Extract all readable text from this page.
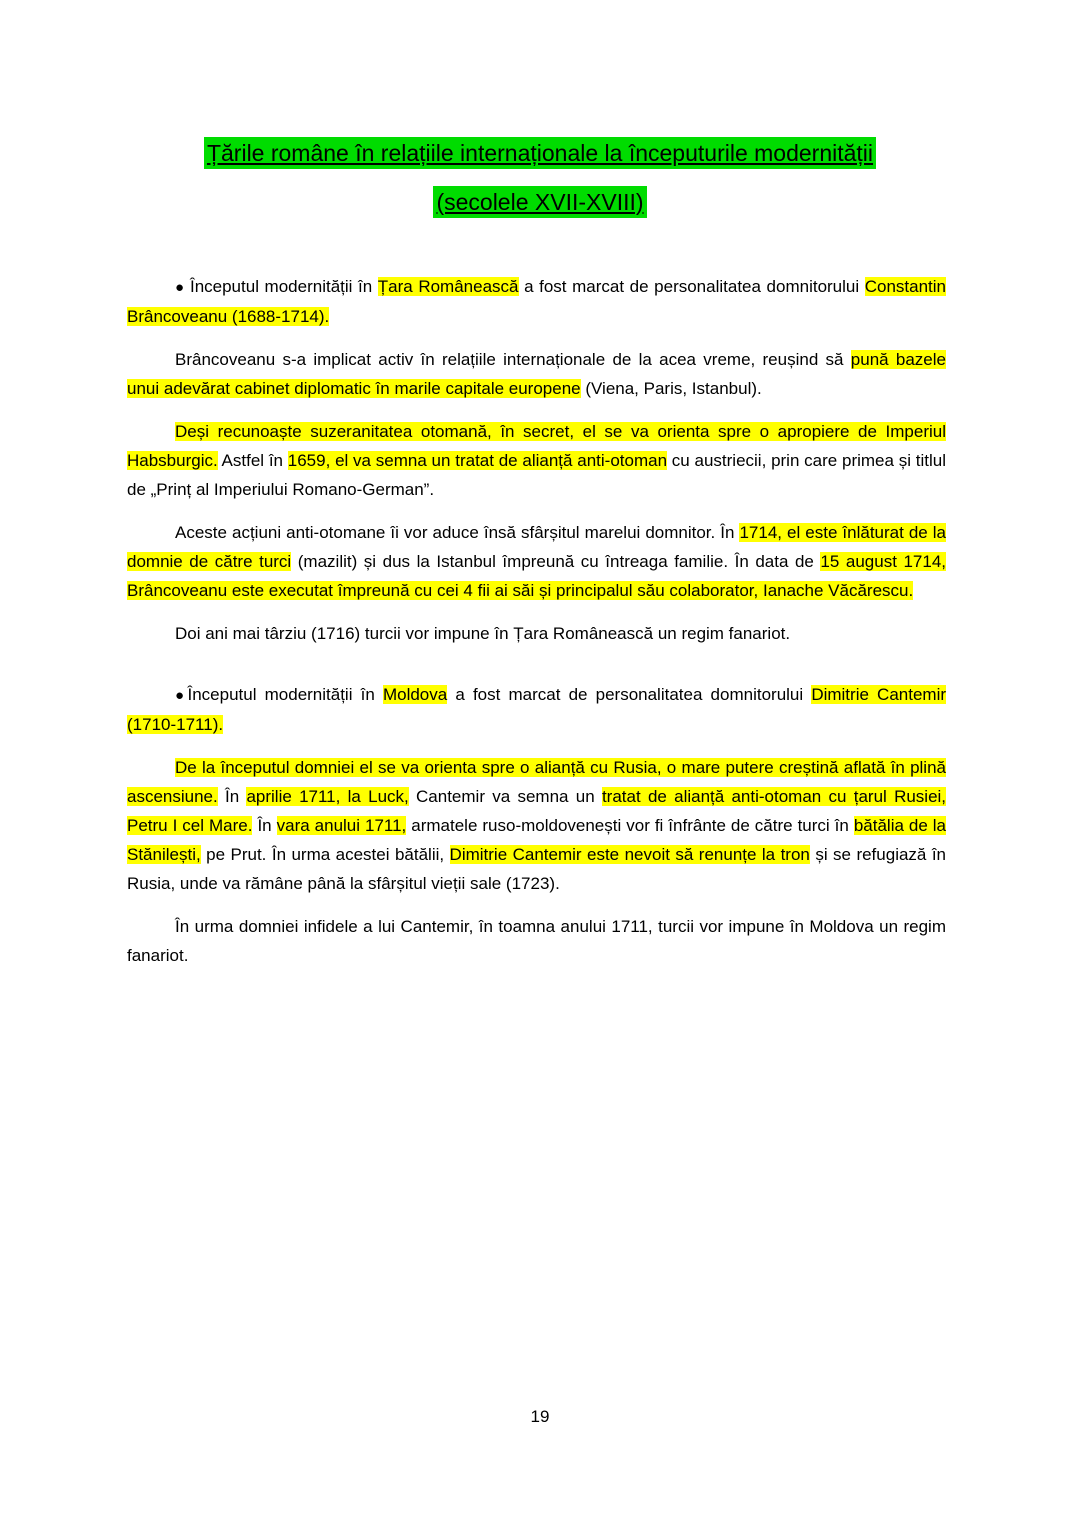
Țările române în relațiile internaționale la începuturile modernității
(secolele XVII-XVIII)

● Începutul modernității în Țara Românească a fost marcat de personalitatea domnitorului Constantin Brâncoveanu (1688-1714).

Brâncoveanu s-a implicat activ în relațiile internaționale de la acea vreme, reușind să pună bazele unui adevărat cabinet diplomatic în marile capitale europene (Viena, Paris, Istanbul).

Deși recunoaște suzeranitatea otomană, în secret, el se va orienta spre o apropiere de Imperiul Habsburgic. Astfel în 1659, el va semna un tratat de alianță anti-otoman cu austriecii, prin care primea și titlul de „Prinț al Imperiului Romano-German”.

Aceste acțiuni anti-otomane îi vor aduce însă sfârșitul marelui domnitor. În 1714, el este înlăturat de la domnie de către turci (mazilit) și dus la Istanbul împreună cu întreaga familie. În data de 15 august 1714, Brâncoveanu este executat împreună cu cei 4 fii ai săi și principalul său colaborator, Ianache Văcărescu.

Doi ani mai târziu (1716) turcii vor impune în Țara Românească un regim fanariot.

●Începutul modernității în Moldova a fost marcat de personalitatea domnitorului Dimitrie Cantemir (1710-1711).

De la începutul domniei el se va orienta spre o alianță cu Rusia, o mare putere creștină aflată în plină ascensiune. În aprilie 1711, la Luck, Cantemir va semna un tratat de alianță anti-otoman cu țarul Rusiei, Petru I cel Mare. În vara anului 1711, armatele ruso-moldovenești vor fi înfrânte de către turci în bătălia de la Stănilești, pe Prut. În urma acestei bătălii, Dimitrie Cantemir este nevoit să renunțe la tron și se refugiază în Rusia, unde va rămâne până la sfârșitul vieții sale (1723).

În urma domniei infidele a lui Cantemir, în toamna anului 1711, turcii vor impune în Moldova un regim fanariot.

19
